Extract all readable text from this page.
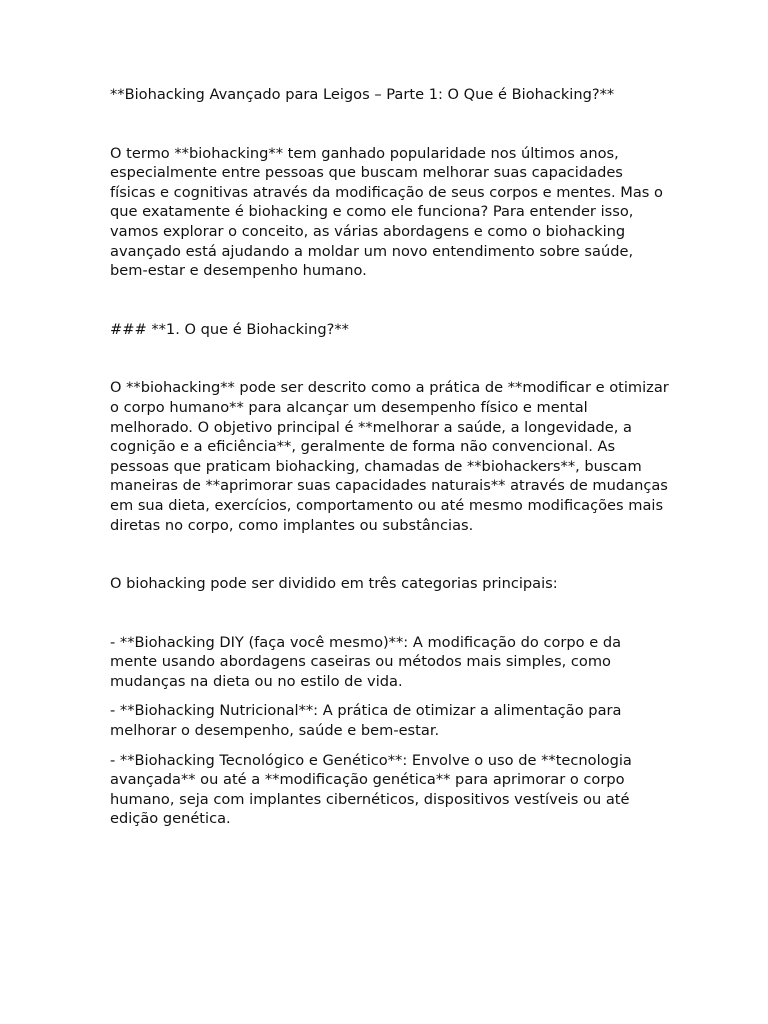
**Biohacking Avançado para Leigos – Parte 1: O Que é Biohacking?**

O termo **biohacking** tem ganhado popularidade nos últimos anos, especialmente entre pessoas que buscam melhorar suas capacidades físicas e cognitivas através da modificação de seus corpos e mentes. Mas o que exatamente é biohacking e como ele funciona? Para entender isso, vamos explorar o conceito, as várias abordagens e como o biohacking avançado está ajudando a moldar um novo entendimento sobre saúde, bem-estar e desempenho humano.

### **1. O que é Biohacking?**

O **biohacking** pode ser descrito como a prática de **modificar e otimizar o corpo humano** para alcançar um desempenho físico e mental melhorado. O objetivo principal é **melhorar a saúde, a longevidade, a cognição e a eficiência**, geralmente de forma não convencional. As pessoas que praticam biohacking, chamadas de **biohackers**, buscam maneiras de **aprimorar suas capacidades naturais** através de mudanças em sua dieta, exercícios, comportamento ou até mesmo modificações mais diretas no corpo, como implantes ou substâncias.

O biohacking pode ser dividido em três categorias principais:

- **Biohacking DIY (faça você mesmo)**: A modificação do corpo e da mente usando abordagens caseiras ou métodos mais simples, como mudanças na dieta ou no estilo de vida.

- **Biohacking Nutricional**: A prática de otimizar a alimentação para melhorar o desempenho, saúde e bem-estar.

- **Biohacking Tecnológico e Genético**: Envolve o uso de **tecnologia avançada** ou até a **modificação genética** para aprimorar o corpo humano, seja com implantes cibernéticos, dispositivos vestíveis ou até edição genética.
